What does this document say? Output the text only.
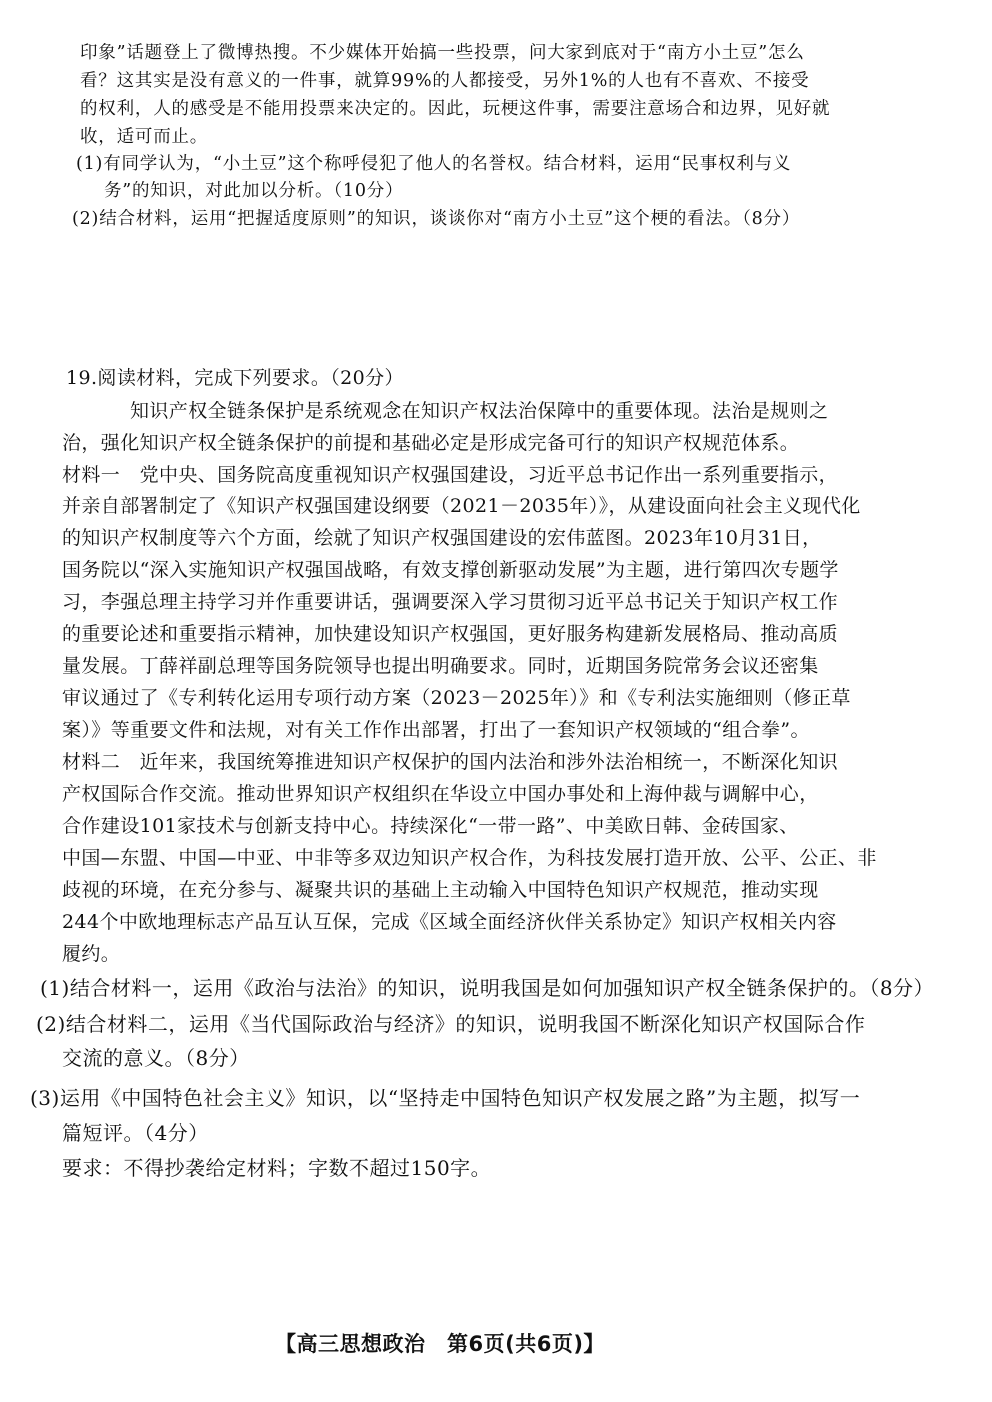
印象”话题登上了微博热搜。不少媒体开始搞一些投票，问大家到底对于“南方小土豆”怎么
看？这其实是没有意义的一件事，就算99%的人都接受，另外1%的人也有不喜欢、不接受
的权利，人的感受是不能用投票来决定的。因此，玩梗这件事，需要注意场合和边界，见好就
收，适可而止。
(1)有同学认为，“小土豆”这个称呼侵犯了他人的名誉权。结合材料，运用“民事权利与义
务”的知识，对此加以分析。（10分）
(2)结合材料，运用“把握适度原则”的知识，谈谈你对“南方小土豆”这个梗的看法。（8分）
19.阅读材料，完成下列要求。（20分）
知识产权全链条保护是系统观念在知识产权法治保障中的重要体现。法治是规则之
治，强化知识产权全链条保护的前提和基础必定是形成完备可行的知识产权规范体系。
材料一　党中央、国务院高度重视知识产权强国建设，习近平总书记作出一系列重要指示，
并亲自部署制定了《知识产权强国建设纲要（2021－2035年）》，从建设面向社会主义现代化
的知识产权制度等六个方面，绘就了知识产权强国建设的宏伟蓝图。2023年10月31日，
国务院以“深入实施知识产权强国战略，有效支撑创新驱动发展”为主题，进行第四次专题学
习，李强总理主持学习并作重要讲话，强调要深入学习贯彻习近平总书记关于知识产权工作
的重要论述和重要指示精神，加快建设知识产权强国，更好服务构建新发展格局、推动高质
量发展。丁薛祥副总理等国务院领导也提出明确要求。同时，近期国务院常务会议还密集
审议通过了《专利转化运用专项行动方案（2023－2025年）》和《专利法实施细则（修正草
案）》等重要文件和法规，对有关工作作出部署，打出了一套知识产权领域的“组合拳”。
材料二　近年来，我国统筹推进知识产权保护的国内法治和涉外法治相统一，不断深化知识
产权国际合作交流。推动世界知识产权组织在华设立中国办事处和上海仲裁与调解中心，
合作建设101家技术与创新支持中心。持续深化“一带一路”、中美欧日韩、金砖国家、
中国—东盟、中国—中亚、中非等多双边知识产权合作，为科技发展打造开放、公平、公正、非
歧视的环境，在充分参与、凝聚共识的基础上主动输入中国特色知识产权规范，推动实现
244个中欧地理标志产品互认互保，完成《区域全面经济伙伴关系协定》知识产权相关内容
履约。
(1)结合材料一，运用《政治与法治》的知识，说明我国是如何加强知识产权全链条保护的。（8分）
(2)结合材料二，运用《当代国际政治与经济》的知识，说明我国不断深化知识产权国际合作
交流的意义。（8分）
(3)运用《中国特色社会主义》知识，以“坚持走中国特色知识产权发展之路”为主题，拟写一
篇短评。（4分）
要求：不得抄袭给定材料；字数不超过150字。
【高三思想政治　第6页(共6页)】
